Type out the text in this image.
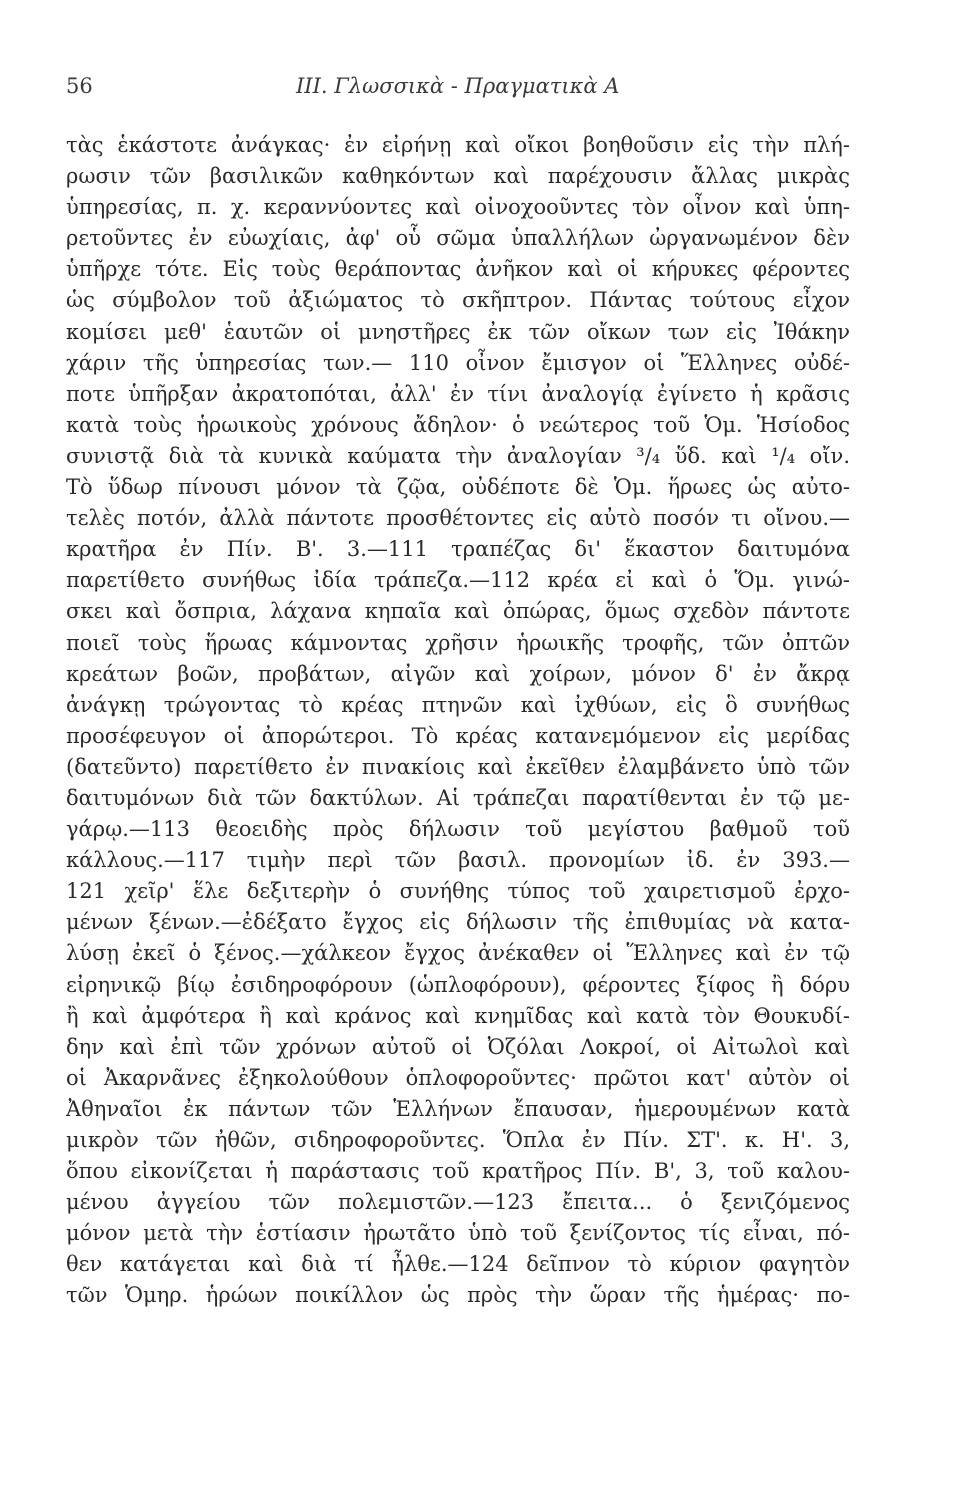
56	III. Γλωσσικὰ - Πραγματικὰ Α
τὰς ἑκάστοτε ἀνάγκας· ἐν εἰρήνῃ καὶ οἴκοι βοηθοῦσιν εἰς τὴν πλή-
ρωσιν τῶν βασιλικῶν καθηκόντων καὶ παρέχουσιν ἄλλας μικρὰς
ὑπηρεσίας, π. χ. κεραννύοντες καὶ οἰνοχοοῦντες τὸν οἶνον καὶ ὑπη-
ρετοῦντες ἐν εὐωχίαις, ἀφ' οὗ σῶμα ὑπαλλήλων ὠργανωμένον δὲν
ὑπῆρχε τότε. Εἰς τοὺς θεράποντας ἀνῆκον καὶ οἱ κήρυκες φέροντες
ὡς σύμβολον τοῦ ἀξιώματος τὸ σκῆπτρον. Πάντας τούτους εἶχον
κομίσει μεθ' ἑαυτῶν οἱ μνηστῆρες ἐκ τῶν οἴκων των εἰς Ἰθάκην
χάριν τῆς ὑπηρεσίας των.— 110 οἶνον ἔμισγον οἱ Ἕλληνες οὐδέ-
ποτε ὑπῆρξαν ἀκρατοπόται, ἀλλ' ἐν τίνι ἀναλογίᾳ ἐγίνετο ἡ κρᾶσις
κατὰ τοὺς ἡρωικοὺς χρόνους ἄδηλον· ὁ νεώτερος τοῦ Ὁμ. Ἡσίοδος
συνιστᾷ διὰ τὰ κυνικὰ καύματα τὴν ἀναλογίαν ³/₄ ὕδ. καὶ ¹/₄ οἴν.
Τὸ ὕδωρ πίνουσι μόνον τὰ ζῷα, οὐδέποτε δὲ Ὁμ. ἥρωες ὡς αὐτο-
τελὲς ποτόν, ἀλλὰ πάντοτε προσθέτοντες εἰς αὐτὸ ποσόν τι οἴνου.—
κρατῆρα ἐν Πίν. Β'. 3.—111 τραπέζας δι' ἕκαστον δαιτυμόνα
παρετίθετο συνήθως ἰδία τράπεζα.—112 κρέα εἰ καὶ ὁ Ὅμ. γινώ-
σκει καὶ ὄσπρια, λάχανα κηπαῖα καὶ ὀπώρας, ὅμως σχεδὸν πάντοτε
ποιεῖ τοὺς ἥρωας κάμνοντας χρῆσιν ἡρωικῆς τροφῆς, τῶν ὀπτῶν
κρεάτων βοῶν, προβάτων, αἰγῶν καὶ χοίρων, μόνον δ' ἐν ἄκρᾳ
ἀνάγκῃ τρώγοντας τὸ κρέας πτηνῶν καὶ ἰχθύων, εἰς ὃ συνήθως
προσέφευγον οἱ ἀπορώτεροι. Τὸ κρέας κατανεμόμενον εἰς μερίδας
(δατεῦντο) παρετίθετο ἐν πινακίοις καὶ ἐκεῖθεν ἐλαμβάνετο ὑπὸ τῶν
δαιτυμόνων διὰ τῶν δακτύλων. Αἱ τράπεζαι παρατίθενται ἐν τῷ με-
γάρῳ.—113 θεοειδὴς πρὸς δήλωσιν τοῦ μεγίστου βαθμοῦ τοῦ
κάλλους.—117 τιμὴν περὶ τῶν βασιλ. προνομίων ἰδ. ἐν 393.—
121 χεῖρ' ἕλε δεξιτερὴν ὁ συνήθης τύπος τοῦ χαιρετισμοῦ ἐρχο-
μένων ξένων.—ἐδέξατο ἔγχος εἰς δήλωσιν τῆς ἐπιθυμίας νὰ κατα-
λύσῃ ἐκεῖ ὁ ξένος.—χάλκεον ἔγχος ἀνέκαθεν οἱ Ἕλληνες καὶ ἐν τῷ
εἰρηνικῷ βίῳ ἐσιδηροφόρουν (ὡπλοφόρουν), φέροντες ξίφος ἢ δόρυ
ἢ καὶ ἀμφότερα ἢ καὶ κράνος καὶ κνημῖδας καὶ κατὰ τὸν Θουκυδί-
δην καὶ ἐπὶ τῶν χρόνων αὐτοῦ οἱ Ὀζόλαι Λοκροί, οἱ Αἰτωλοὶ καὶ
οἱ Ἀκαρνᾶνες ἐξηκολούθουν ὁπλοφοροῦντες· πρῶτοι κατ' αὐτὸν οἱ
Ἀθηναῖοι ἐκ πάντων τῶν Ἑλλήνων ἔπαυσαν, ἡμερουμένων κατὰ
μικρὸν τῶν ἠθῶν, σιδηροφοροῦντες. Ὅπλα ἐν Πίν. ΣΤ'. κ. Η'. 3,
ὅπου εἰκονίζεται ἡ παράστασις τοῦ κρατῆρος Πίν. Β', 3, τοῦ καλου-
μένου ἀγγείου τῶν πολεμιστῶν.—123 ἔπειτα... ὁ ξενιζόμενος
μόνον μετὰ τὴν ἑστίασιν ἠρωτᾶτο ὑπὸ τοῦ ξενίζοντος τίς εἶναι, πό-
θεν κατάγεται καὶ διὰ τί ἦλθε.—124 δεῖπνον τὸ κύριον φαγητὸν
τῶν Ὁμηρ. ἡρώων ποικίλλον ὡς πρὸς τὴν ὥραν τῆς ἡμέρας· πο-
